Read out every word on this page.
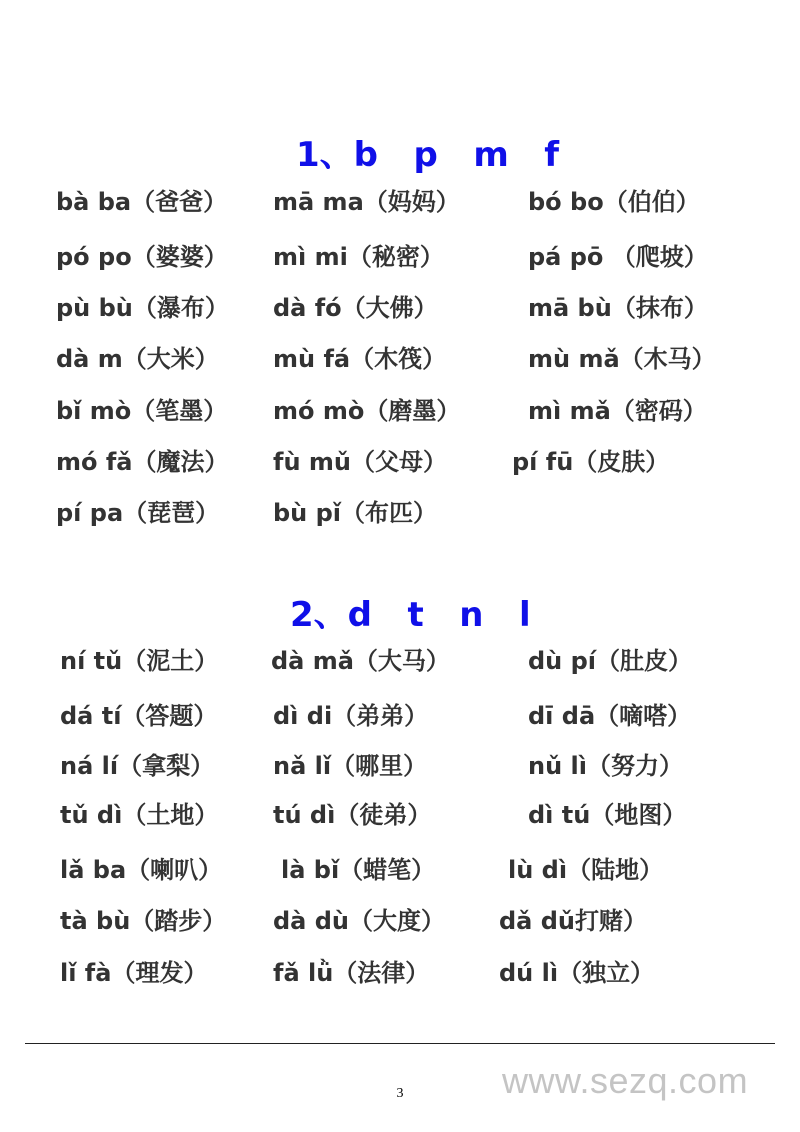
1、b   p   m   f
bà ba（爸爸） mā ma（妈妈）	bó bo（伯伯）
pó po（婆婆） mì mi（秘密）	pá pō （爬坡）
pù bù（瀑布） dà fó（大佛）	mā bù（抹布）
dà m（大米） mù fá（木筏）	mù mǎ（木马）
bǐ mò（笔墨） mó mò（磨墨）	mì mǎ（密码）
mó fǎ（魔法） fù mǔ（父母）	pí fū（皮肤）
pí pa（琵琶） bù pǐ（布匹）
2、d   t   n   l
ní tǔ（泥土） dà mǎ（大马）	dù pí（肚皮）
dá tí（答题） dì di（弟弟）	dī dā（嘀嗒）
ná lí（拿梨） nǎ lǐ（哪里）	nǔ lì（努力）
tǔ dì（土地） tú dì（徒弟）	dì tú（地图）
lǎ ba（喇叭） là bǐ（蜡笔）	lù dì（陆地）
tà bù（踏步） dà dù（大度） dǎ dǔ打赌）
lǐ fà（理发）	fǎ lǜ（法律）	dú lì（独立）
3	www.sezq.com
